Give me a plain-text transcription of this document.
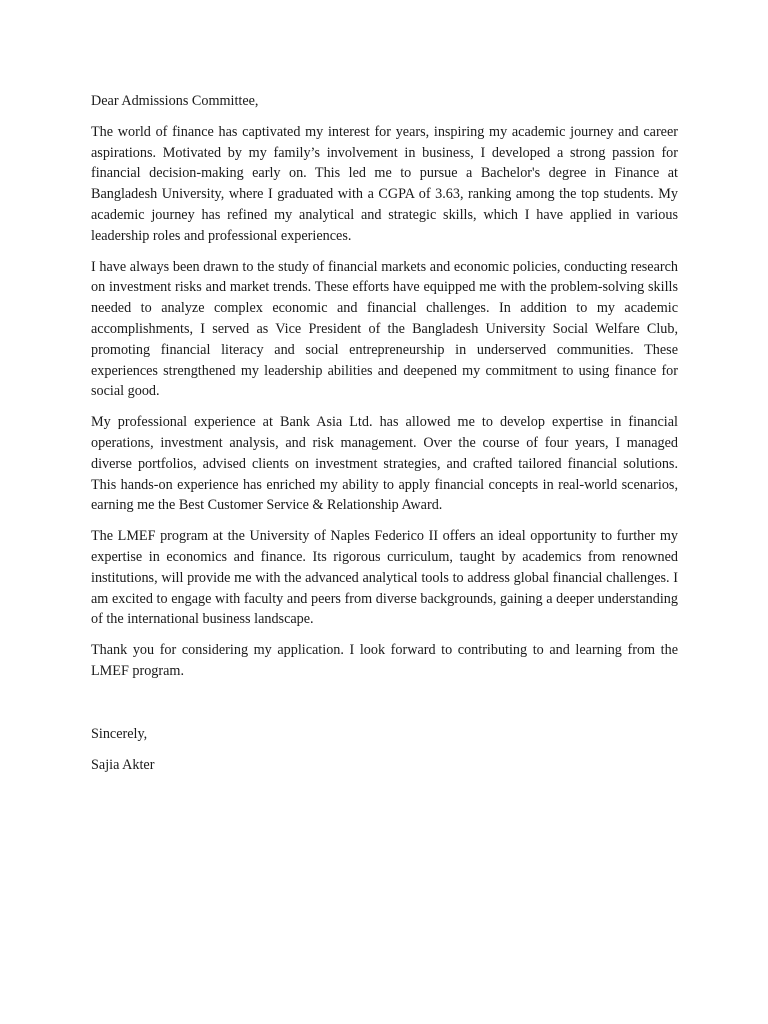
Dear Admissions Committee,

The world of finance has captivated my interest for years, inspiring my academic journey and career aspirations. Motivated by my family’s involvement in business, I developed a strong passion for financial decision-making early on. This led me to pursue a Bachelor's degree in Finance at Bangladesh University, where I graduated with a CGPA of 3.63, ranking among the top students. My academic journey has refined my analytical and strategic skills, which I have applied in various leadership roles and professional experiences.

I have always been drawn to the study of financial markets and economic policies, conducting research on investment risks and market trends. These efforts have equipped me with the problem-solving skills needed to analyze complex economic and financial challenges. In addition to my academic accomplishments, I served as Vice President of the Bangladesh University Social Welfare Club, promoting financial literacy and social entrepreneurship in underserved communities. These experiences strengthened my leadership abilities and deepened my commitment to using finance for social good.

My professional experience at Bank Asia Ltd. has allowed me to develop expertise in financial operations, investment analysis, and risk management. Over the course of four years, I managed diverse portfolios, advised clients on investment strategies, and crafted tailored financial solutions. This hands-on experience has enriched my ability to apply financial concepts in real-world scenarios, earning me the Best Customer Service & Relationship Award.

The LMEF program at the University of Naples Federico II offers an ideal opportunity to further my expertise in economics and finance. Its rigorous curriculum, taught by academics from renowned institutions, will provide me with the advanced analytical tools to address global financial challenges. I am excited to engage with faculty and peers from diverse backgrounds, gaining a deeper understanding of the international business landscape.

Thank you for considering my application. I look forward to contributing to and learning from the LMEF program.

Sincerely,

Sajia Akter
